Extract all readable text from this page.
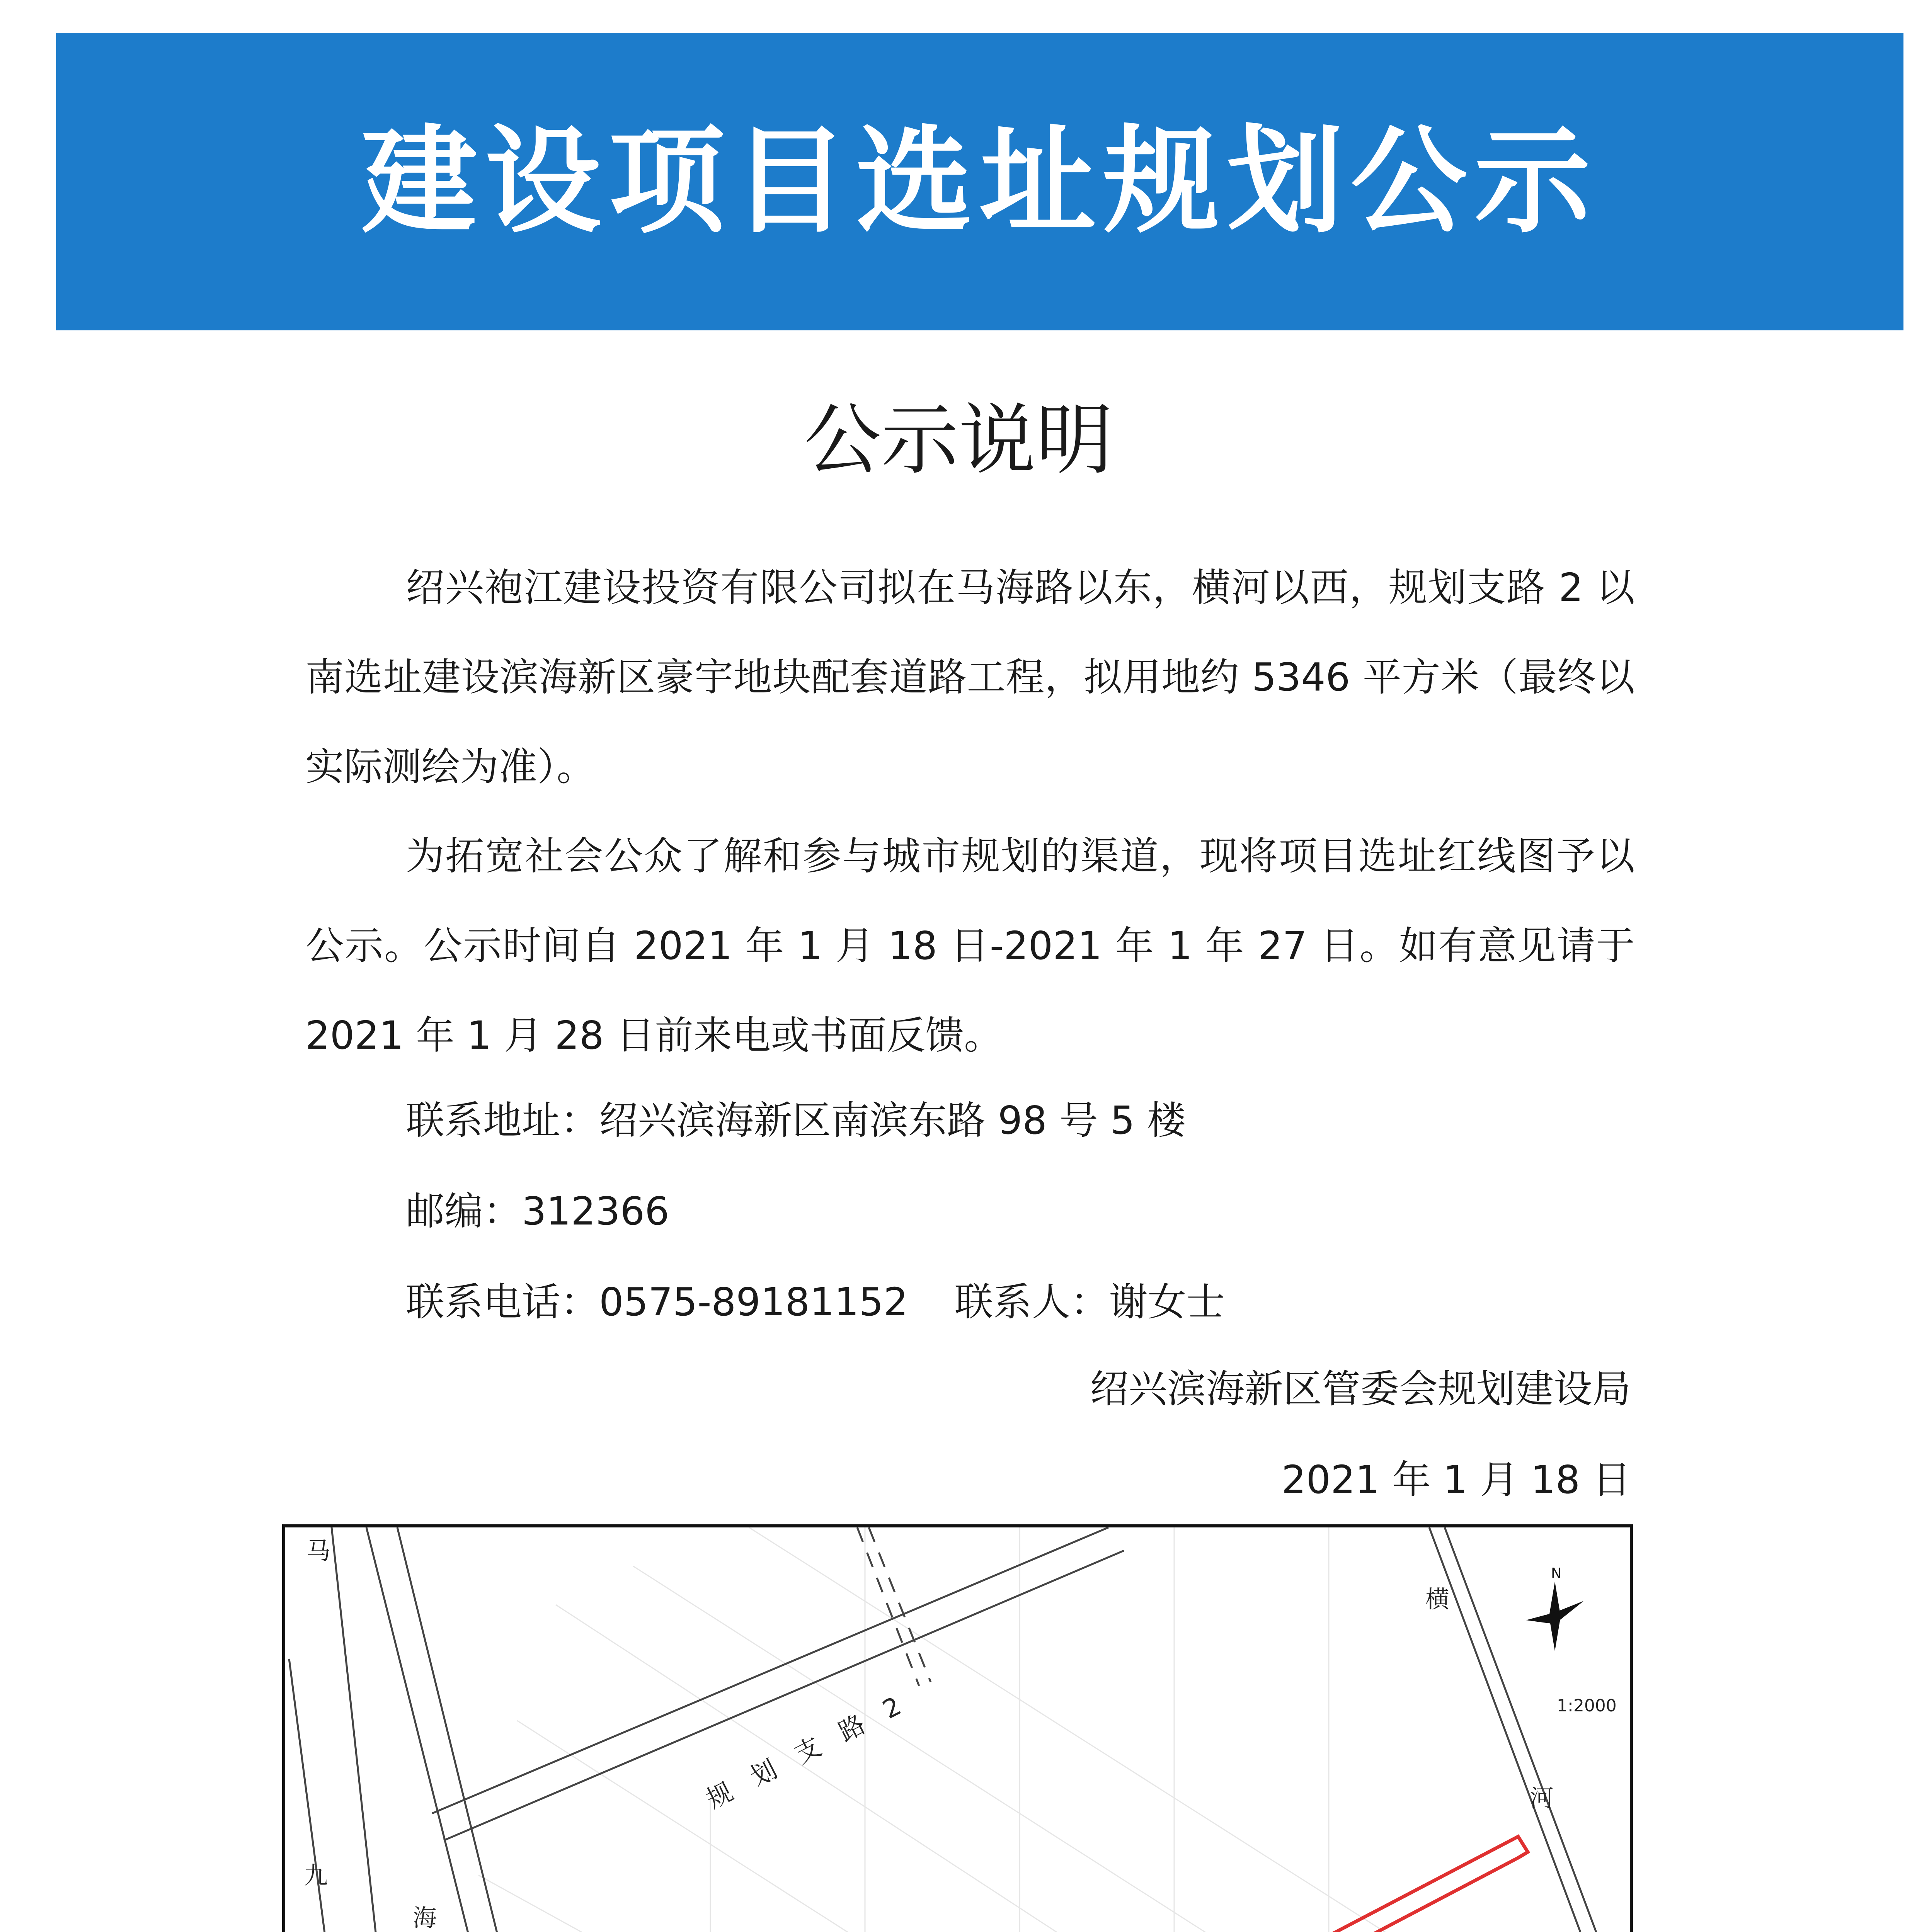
建设项目选址规划公示
公示说明

绍兴袍江建设投资有限公司拟在马海路以东，横河以西，规划支路 2 以南选址建设滨海新区豪宇地块配套道路工程，拟用地约 5346 平方米（最终以实际测绘为准）。

为拓宽社会公众了解和参与城市规划的渠道，现将项目选址红线图予以公示。公示时间自 2021 年 1 月 18 日-2021 年 1 年 27 日。如有意见请于 2021 年 1 月 28 日前来电或书面反馈。

联系地址：绍兴滨海新区南滨东路 98 号 5 楼
邮编：312366
联系电话：0575-89181152 联系人：谢女士
绍兴滨海新区管委会规划建设局
2021 年 1 月 18 日
N
马
海
规划支路2
横
河
九
1:2000
